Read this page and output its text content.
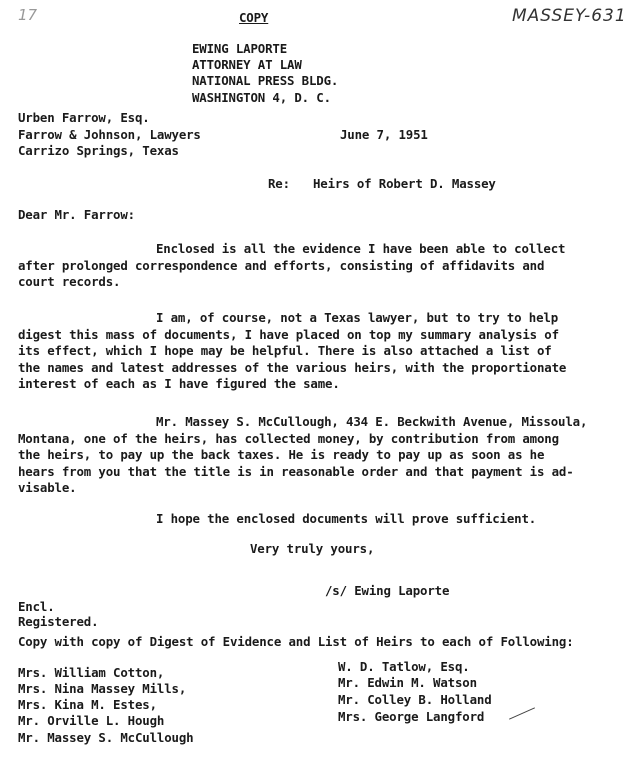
17	MASSEY-631
COPY
EWING LAPORTE
ATTORNEY AT LAW
NATIONAL PRESS BLDG.
WASHINGTON 4, D. C.
Urben Farrow, Esq.
Farrow & Johnson, Lawyers
Carrizo Springs, Texas
June 7, 1951
Re: Heirs of Robert D. Massey
Dear Mr. Farrow:
Enclosed is all the evidence I have been able to collect
after prolonged correspondence and efforts, consisting of affidavits and
court records.
I am, of course, not a Texas lawyer, but to try to help
digest this mass of documents, I have placed on top my summary analysis of
its effect, which I hope may be helpful. There is also attached a list of
the names and latest addresses of the various heirs, with the proportionate
interest of each as I have figured the same.
Mr. Massey S. McCullough, 434 E. Beckwith Avenue, Missoula,
Montana, one of the heirs, has collected money, by contribution from among
the heirs, to pay up the back taxes. He is ready to pay up as soon as he
hears from you that the title is in reasonable order and that payment is ad-
visable.
I hope the enclosed documents will prove sufficient.
Very truly yours,
/s/ Ewing Laporte
Encl.
Registered.
Copy with copy of Digest of Evidence and List of Heirs to each of Following:
Mrs. William Cotton,
Mrs. Nina Massey Mills,
Mrs. Kina M. Estes,
Mr. Orville L. Hough
Mr. Massey S. McCullough
W. D. Tatlow, Esq.
Mr. Edwin M. Watson
Mr. Colley B. Holland
Mrs. George Langford
